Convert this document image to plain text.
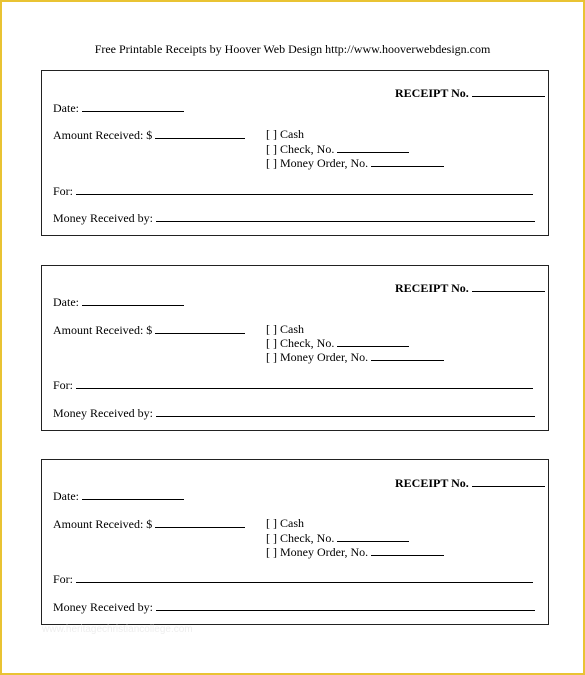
Free Printable Receipts by Hoover Web Design http://www.hooverwebdesign.com
RECEIPT No.
Date:
Amount Received: $	[ ] Cash
[ ] Check, No.
[ ] Money Order, No.
For:
Money Received by:
RECEIPT No.
Date:
Amount Received: $	[ ] Cash
[ ] Check, No.
[ ] Money Order, No.
For:
Money Received by:
RECEIPT No.
Date:
Amount Received: $	[ ] Cash
[ ] Check, No.
[ ] Money Order, No.
For:
Money Received by:
www.heritagechristiancollege.com
